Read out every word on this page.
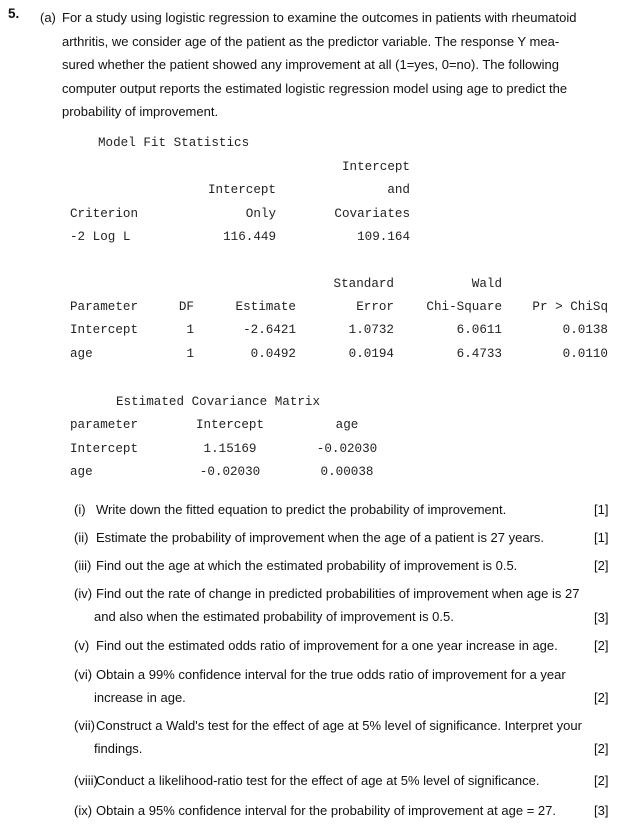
5. (a) For a study using logistic regression to examine the outcomes in patients with rheumatoid
arthritis, we consider age of the patient as the predictor variable. The response Y mea-
sured whether the patient showed any improvement at all (1=yes, 0=no). The following
computer output reports the estimated logistic regression model using age to predict the
probability of improvement.
Model Fit Statistics
Intercept
Intercept	and
Criterion	Only	Covariates
-2 Log L	116.449	109.164
Standard	Wald
Parameter	DF	Estimate	Error	Chi-Square	Pr > ChiSq
Intercept	1	-2.6421	1.0732	6.0611	0.0138
age	1	0.0492	0.0194	6.4733	0.0110
Estimated Covariance Matrix
parameter	Intercept	age
Intercept	1.15169	-0.02030
age	-0.02030	0.00038
(i) Write down the fitted equation to predict the probability of improvement.	[1]
(ii) Estimate the probability of improvement when the age of a patient is 27 years.	[1]
(iii) Find out the age at which the estimated probability of improvement is 0.5.	[2]
(iv) Find out the rate of change in predicted probabilities of improvement when age is 27
and also when the estimated probability of improvement is 0.5.	[3]
(v) Find out the estimated odds ratio of improvement for a one year increase in age.	[2]
(vi) Obtain a 99% confidence interval for the true odds ratio of improvement for a year
increase in age.	[2]
(vii)Construct a Wald's test for the effect of age at 5% level of significance. Interpret your
findings.	[2]
(viii)Conduct a likelihood-ratio test for the effect of age at 5% level of significance.	[2]
(ix) Obtain a 95% confidence interval for the probability of improvement at age = 27.	[3]
